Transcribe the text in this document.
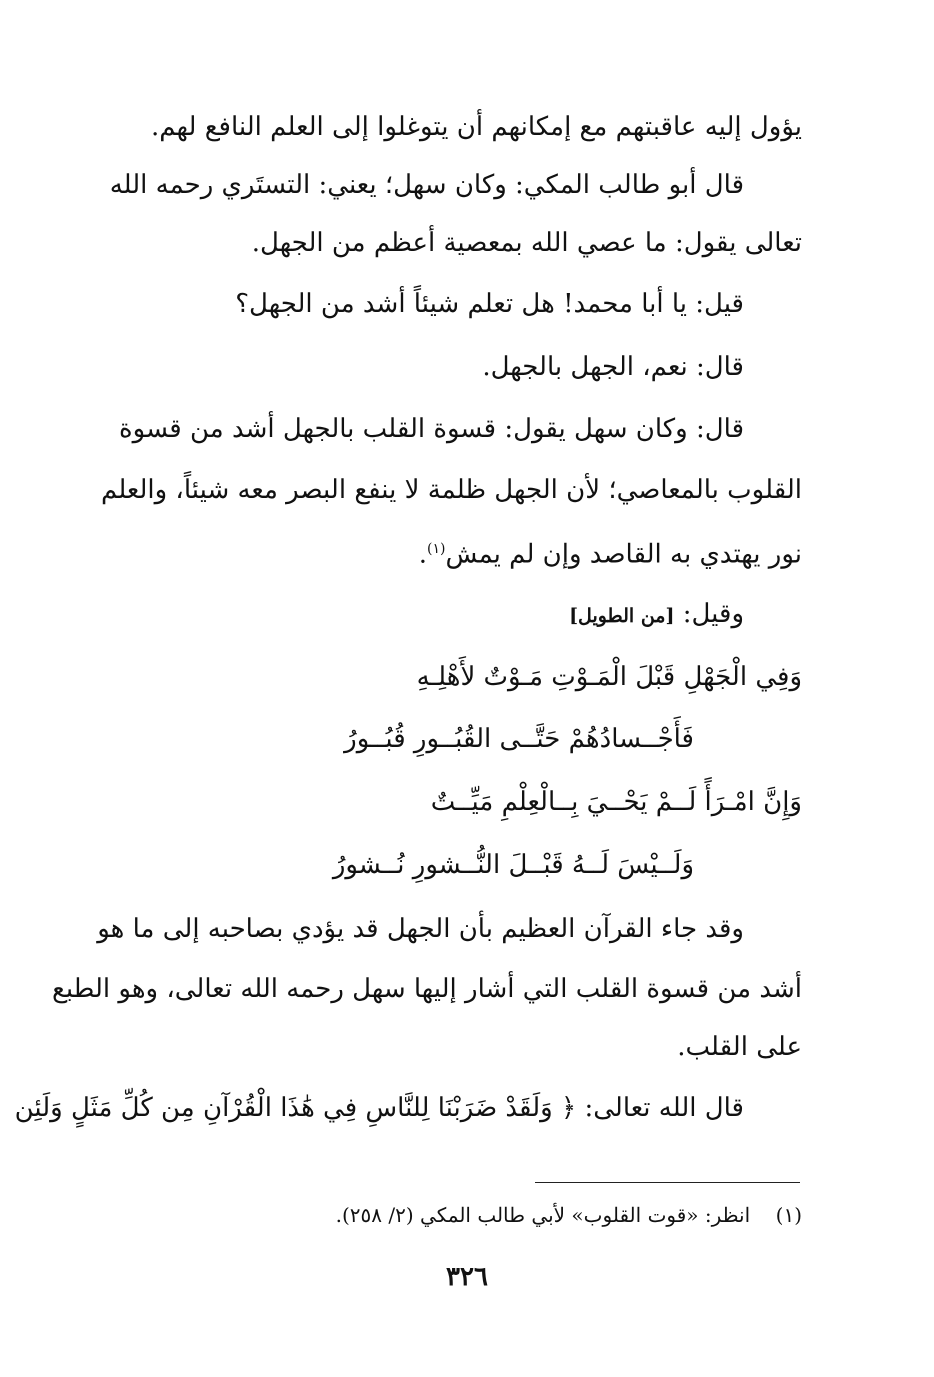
يؤول إليه عاقبتهم مع إمكانهم أن يتوغلوا إلى العلم النافع لهم.
قال أبو طالب المكي: وكان سهل؛ يعني: التستَري رحمه الله
تعالى يقول: ما عصي الله بمعصية أعظم من الجهل.
قيل: يا أبا محمد! هل تعلم شيئاً أشد من الجهل؟
قال: نعم، الجهل بالجهل.
قال: وكان سهل يقول: قسوة القلب بالجهل أشد من قسوة
القلوب بالمعاصي؛ لأن الجهل ظلمة لا ينفع البصر معه شيئاً، والعلم
نور يهتدي به القاصد وإن لم يمش$^{(١)}$.
وقيل: [من الطويل]
وَفِي الْجَهْلِ قَبْلَ الْمَـوْتِ مَـوْتٌ لأَهْلِـهِ
فَأَجْــسادُهُمْ حَتَّــى القُبُــورِ قُبُــورُ
وَإِنَّ امْـرَأً لَــمْ يَحْــيَ بِــالْعِلْمِ مَيِّــتٌ
وَلَــيْسَ لَــهُ قَبْــلَ النُّــشورِ نُــشورُ
وقد جاء القرآن العظيم بأن الجهل قد يؤدي بصاحبه إلى ما هو
أشد من قسوة القلب التي أشار إليها سهل رحمه الله تعالى، وهو الطبع
على القلب.
قال الله تعالى: ﴿ وَلَقَدْ ضَرَبْنَا لِلنَّاسِ فِي هَٰذَا الْقُرْآنِ مِن كُلِّ مَثَلٍ وَلَئِن
(١)    انظر: «قوت القلوب» لأبي طالب المكي (٢/ ٢٥٨).
٣٢٦
